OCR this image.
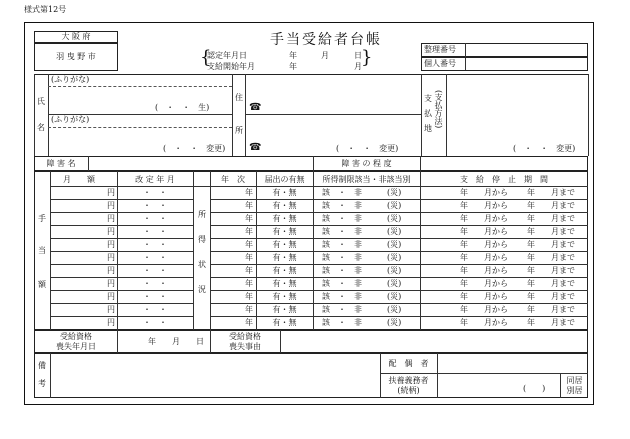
様式第12号
大 阪 府
羽 曳 野 市
手当受給者台帳
{
認定年月日
支給開始年月
年	月	日
年	月 }	整理番号
個人番号
氏
名
(ふりがな)
(　・　・　生)
(ふりがな)
(　・　・　変更)
住
所
☎
☎	(　・　・　変更)
支
払
地
(支払方法)
(　・　・　変更)
障 害 名	障 害 の 程 度
月　　額	改 定 年 月	年　次	届出の有無	所得制限該当・非該当別	支　給　停　止　期　間
手
当
額
所
得
状
況
円	・　・	年	有・無	該　・　非	(災)	年　　月から 年　　月まで
円	・　・	年	有・無	該　・　非	(災)	年　　月から 年　　月まで
円	・　・	年	有・無	該　・　非	(災)	年　　月から 年　　月まで
円	・　・	年	有・無	該　・　非	(災)	年　　月から 年　　月まで
円	・　・	年	有・無	該　・　非	(災)	年　　月から 年　　月まで
円	・　・	年	有・無	該　・　非	(災)	年　　月から 年　　月まで
円	・　・	年	有・無	該　・　非	(災)	年　　月から 年　　月まで
円	・　・	年	有・無	該　・　非	(災)	年　　月から 年　　月まで
円	・　・	年	有・無	該　・　非	(災)	年　　月から 年　　月まで
円	・　・	年	有・無	該　・　非	(災)	年　　月から 年　　月まで
円	・　・	年	有・無	該　・　非	(災)	年　　月から 年　　月まで
受給資格
喪失年月日
年　　月　　日
受給資格
喪失事由
備
考
配　偶　者
扶養義務者
(続柄)	(　　)
同居
別居
